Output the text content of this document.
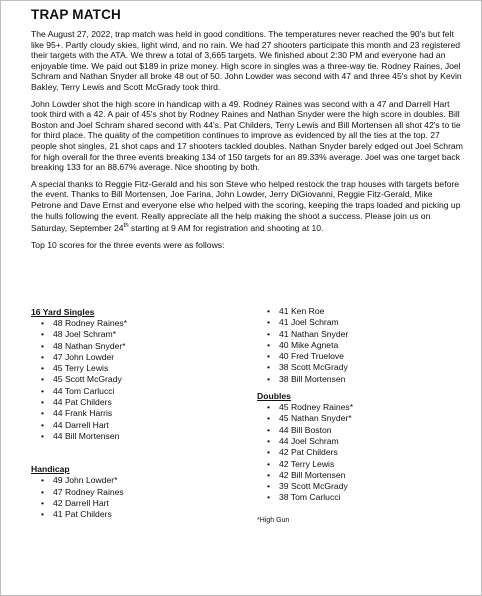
TRAP MATCH

The August 27, 2022, trap match was held in good conditions. The temperatures never reached the 90's but felt like 95+. Partly cloudy skies, light wind, and no rain. We had 27 shooters participate this month and 23 registered their targets with the ATA. We threw a total of 3,665 targets. We finished about 2:30 PM and everyone had an enjoyable time. We paid out $189 in prize money. High score in singles was a three-way tie. Rodney Raines, Joel Schram and Nathan Snyder all broke 48 out of 50. John Lowder was second with 47 and three 45's shot by Kevin Bakley, Terry Lewis and Scott McGrady took third.

John Lowder shot the high score in handicap with a 49. Rodney Raines was second with a 47 and Darrell Hart took third with a 42. A pair of 45's shot by Rodney Raines and Nathan Snyder were the high score in doubles. Bill Boston and Joel Schram shared second with 44's. Pat Childers, Terry Lewis and Bill Mortensen all shot 42's to tie for third place. The quality of the competition continues to improve as evidenced by all the ties at the top. 27 people shot singles, 21 shot caps and 17 shooters tackled doubles. Nathan Snyder barely edged out Joel Schram for high overall for the three events breaking 134 of 150 targets for an 89.33% average. Joel was one target back breaking 133 for an 88.67% average. Nice shooting by both.

A special thanks to Reggie Fitz-Gerald and his son Steve who helped restock the trap houses with targets before the event. Thanks to Bill Mortensen, Joe Farina, John Lowder, Jerry DiGiovanni, Reggie Fitz-Gerald, Mike Petrone and Dave Ernst and everyone else who helped with the scoring, keeping the traps loaded and picking up the hulls following the event. Really appreciate all the help making the shoot a success. Please join us on Saturday, September 24th starting at 9 AM for registration and shooting at 10.

Top 10 scores for the three events were as follows:

16 Yard Singles
• 48 Rodney Raines*
• 48 Joel Schram*
• 48 Nathan Snyder*
• 47 John Lowder
• 45 Terry Lewis
• 45 Scott McGrady
• 44 Tom Carlucci
• 44 Pat Childers
• 44 Frank Harris
• 44 Darrell Hart
• 44 Bill Mortensen
Handicap
• 49 John Lowder*
• 47 Rodney Raines
• 42 Darrell Hart
• 41 Pat Childers
• 41 Ken Roe
• 41 Joel Schram
• 41 Nathan Snyder
• 40 Mike Agneta
• 40 Fred Truelove
• 38 Scott McGrady
• 38 Bill Mortensen
Doubles
• 45 Rodney Raines*
• 45 Nathan Snyder*
• 44 Bill Boston
• 44 Joel Schram
• 42 Pat Childers
• 42 Terry Lewis
• 42 Bill Mortensen
• 39 Scott McGrady
• 38 Tom Carlucci
*High Gun
